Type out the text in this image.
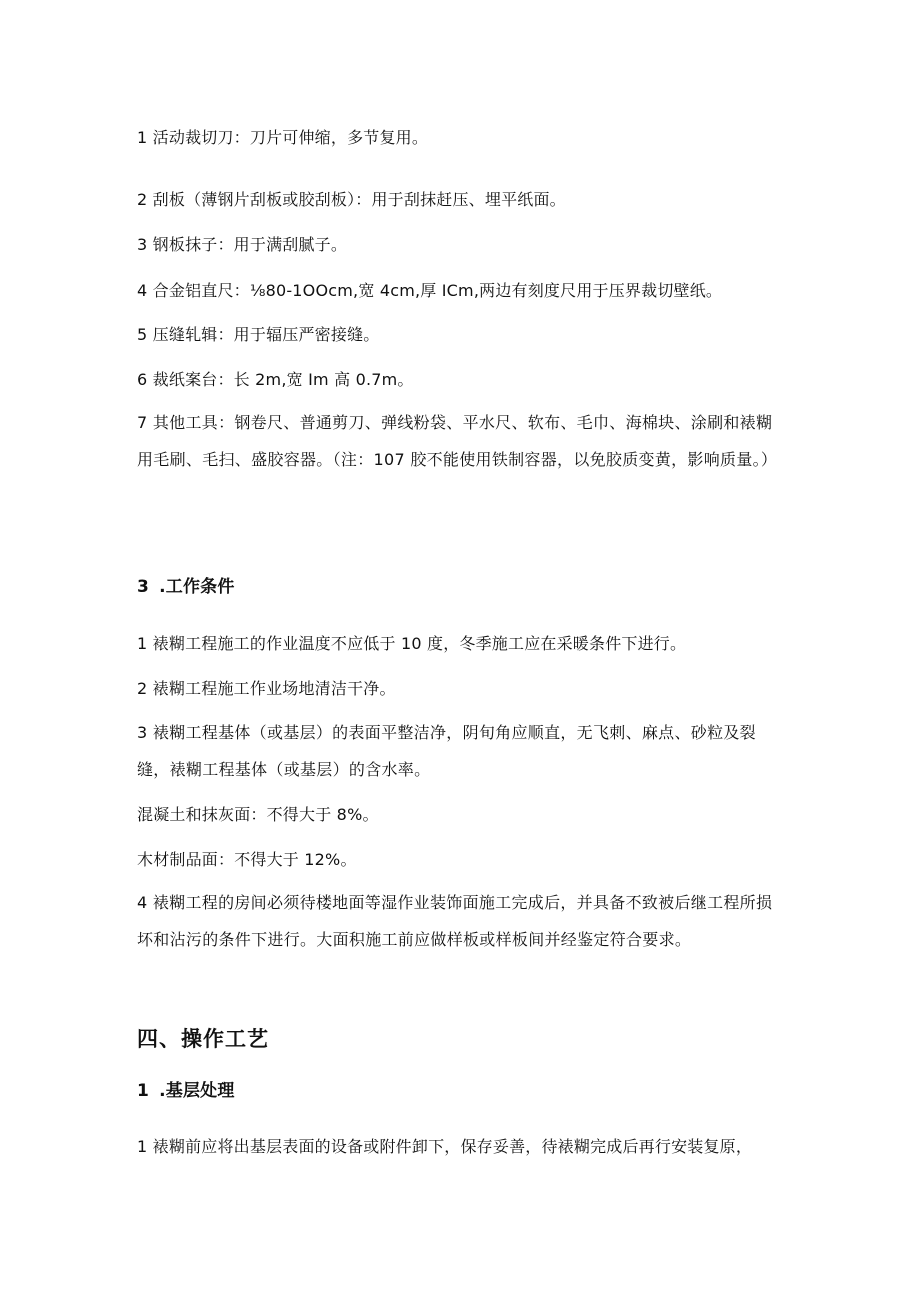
1 活动裁切刀：刀片可伸缩，多节复用。
2 刮板（薄钢片刮板或胶刮板）：用于刮抹赶压、埋平纸面。
3 钢板抹子：用于满刮腻子。
4 合金铝直尺：⅛80-1OOcm,宽 4cm,厚 ICm,两边有刻度尺用于压界裁切壁纸。
5 压缝轧辑：用于辐压严密接缝。
6 裁纸案台：长 2m,宽 Im 高 0.7m。
7 其他工具：钢卷尺、普通剪刀、弹线粉袋、平水尺、软布、毛巾、海棉块、涂刷和裱糊用毛刷、毛扫、盛胶容器。（注：107 胶不能使用铁制容器，以免胶质变黄，影响质量。）
3 .工作条件
1 裱糊工程施工的作业温度不应低于 10 度，冬季施工应在采暖条件下进行。
2 裱糊工程施工作业场地清洁干净。
3 裱糊工程基体（或基层）的表面平整洁净，阴旬角应顺直，无飞刺、麻点、砂粒及裂缝，裱糊工程基体（或基层）的含水率。
混凝土和抹灰面：不得大于 8%。
木材制品面：不得大于 12%。
4 裱糊工程的房间必须待楼地面等湿作业装饰面施工完成后，并具备不致被后继工程所损坏和沾污的条件下进行。大面积施工前应做样板或样板间并经鉴定符合要求。
四、操作工艺
1 .基层处理
1 裱糊前应将出基层表面的设备或附件卸下，保存妥善，待裱糊完成后再行安装复原，
